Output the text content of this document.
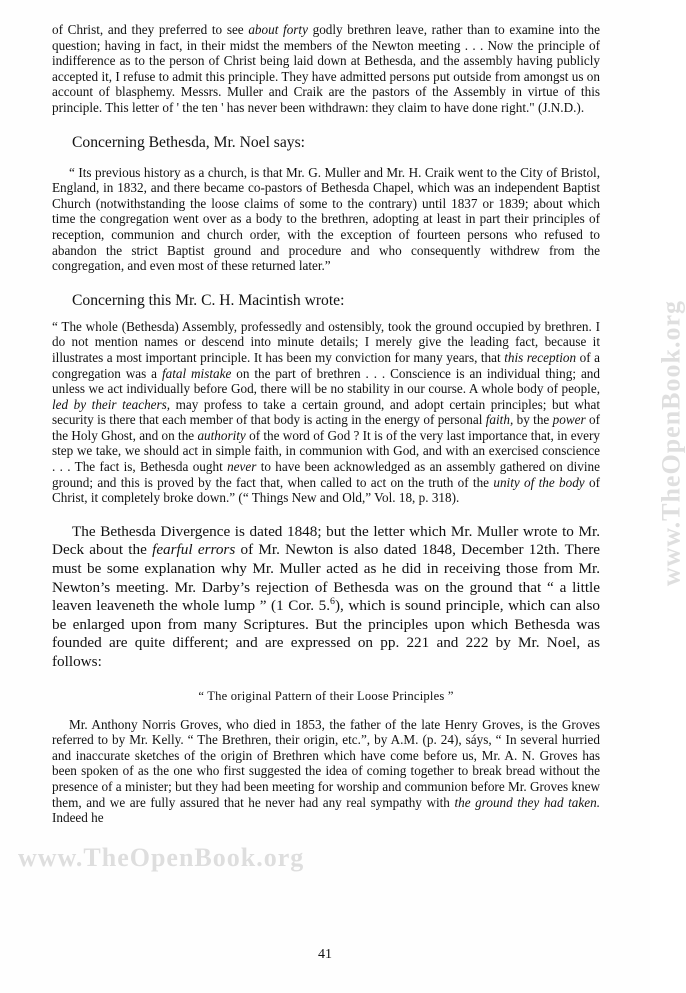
www.TheOpenBook.org
www.TheOpenBook.org

of Christ, and they preferred to see about forty godly brethren leave, rather than to examine into the question; having in fact, in their midst the members of the Newton meeting . . . Now the principle of indifference as to the person of Christ being laid down at Bethesda, and the assembly having publicly accepted it, I refuse to admit this principle. They have admitted persons put outside from amongst us on account of blasphemy. Messrs. Muller and Craik are the pastors of the Assembly in virtue of this principle. This letter of ' the ten ' has never been withdrawn: they claim to have done right." (J.N.D.).

Concerning Bethesda, Mr. Noel says:

“ Its previous history as a church, is that Mr. G. Muller and Mr. H. Craik went to the City of Bristol, England, in 1832, and there became co-pastors of Bethesda Chapel, which was an independent Baptist Church (notwithstanding the loose claims of some to the contrary) until 1837 or 1839; about which time the congregation went over as a body to the brethren, adopting at least in part their principles of reception, communion and church order, with the exception of fourteen persons who refused to abandon the strict Baptist ground and procedure and who consequently withdrew from the congregation, and even most of these returned later.”

Concerning this Mr. C. H. Macintish wrote:

“ The whole (Bethesda) Assembly, professedly and ostensibly, took the ground occupied by brethren. I do not mention names or descend into minute details; I merely give the leading fact, because it illustrates a most important principle. It has been my conviction for many years, that this reception of a congregation was a fatal mistake on the part of brethren . . . Conscience is an individual thing; and unless we act individually before God, there will be no stability in our course. A whole body of people, led by their teachers, may profess to take a certain ground, and adopt certain principles; but what security is there that each member of that body is acting in the energy of personal faith, by the power of the Holy Ghost, and on the authority of the word of God ? It is of the very last importance that, in every step we take, we should act in simple faith, in communion with God, and with an exercised conscience . . . The fact is, Bethesda ought never to have been acknowledged as an assembly gathered on divine ground; and this is proved by the fact that, when called to act on the truth of the unity of the body of Christ, it completely broke down.” (“ Things New and Old,” Vol. 18, p. 318).

The Bethesda Divergence is dated 1848; but the letter which Mr. Muller wrote to Mr. Deck about the fearful errors of Mr. Newton is also dated 1848, December 12th. There must be some explanation why Mr. Muller acted as he did in receiving those from Mr. Newton’s meeting. Mr. Darby’s rejection of Bethesda was on the ground that “ a little leaven leaveneth the whole lump ” (1 Cor. 5.$^6$), which is sound principle, which can also be enlarged upon from many Scriptures. But the principles upon which Bethesda was founded are quite different; and are expressed on pp. 221 and 222 by Mr. Noel, as follows:

“ The original Pattern of their Loose Principles ”

Mr. Anthony Norris Groves, who died in 1853, the father of the late Henry Groves, is the Groves referred to by Mr. Kelly. “ The Brethren, their origin, etc.”, by A.M. (p. 24), sáys, “ In several hurried and inaccurate sketches of the origin of Brethren which have come before us, Mr. A. N. Groves has been spoken of as the one who first suggested the idea of coming together to break bread without the presence of a minister; but they had been meeting for worship and communion before Mr. Groves knew them, and we are fully assured that he never had any real sympathy with the ground they had taken. Indeed he

41
